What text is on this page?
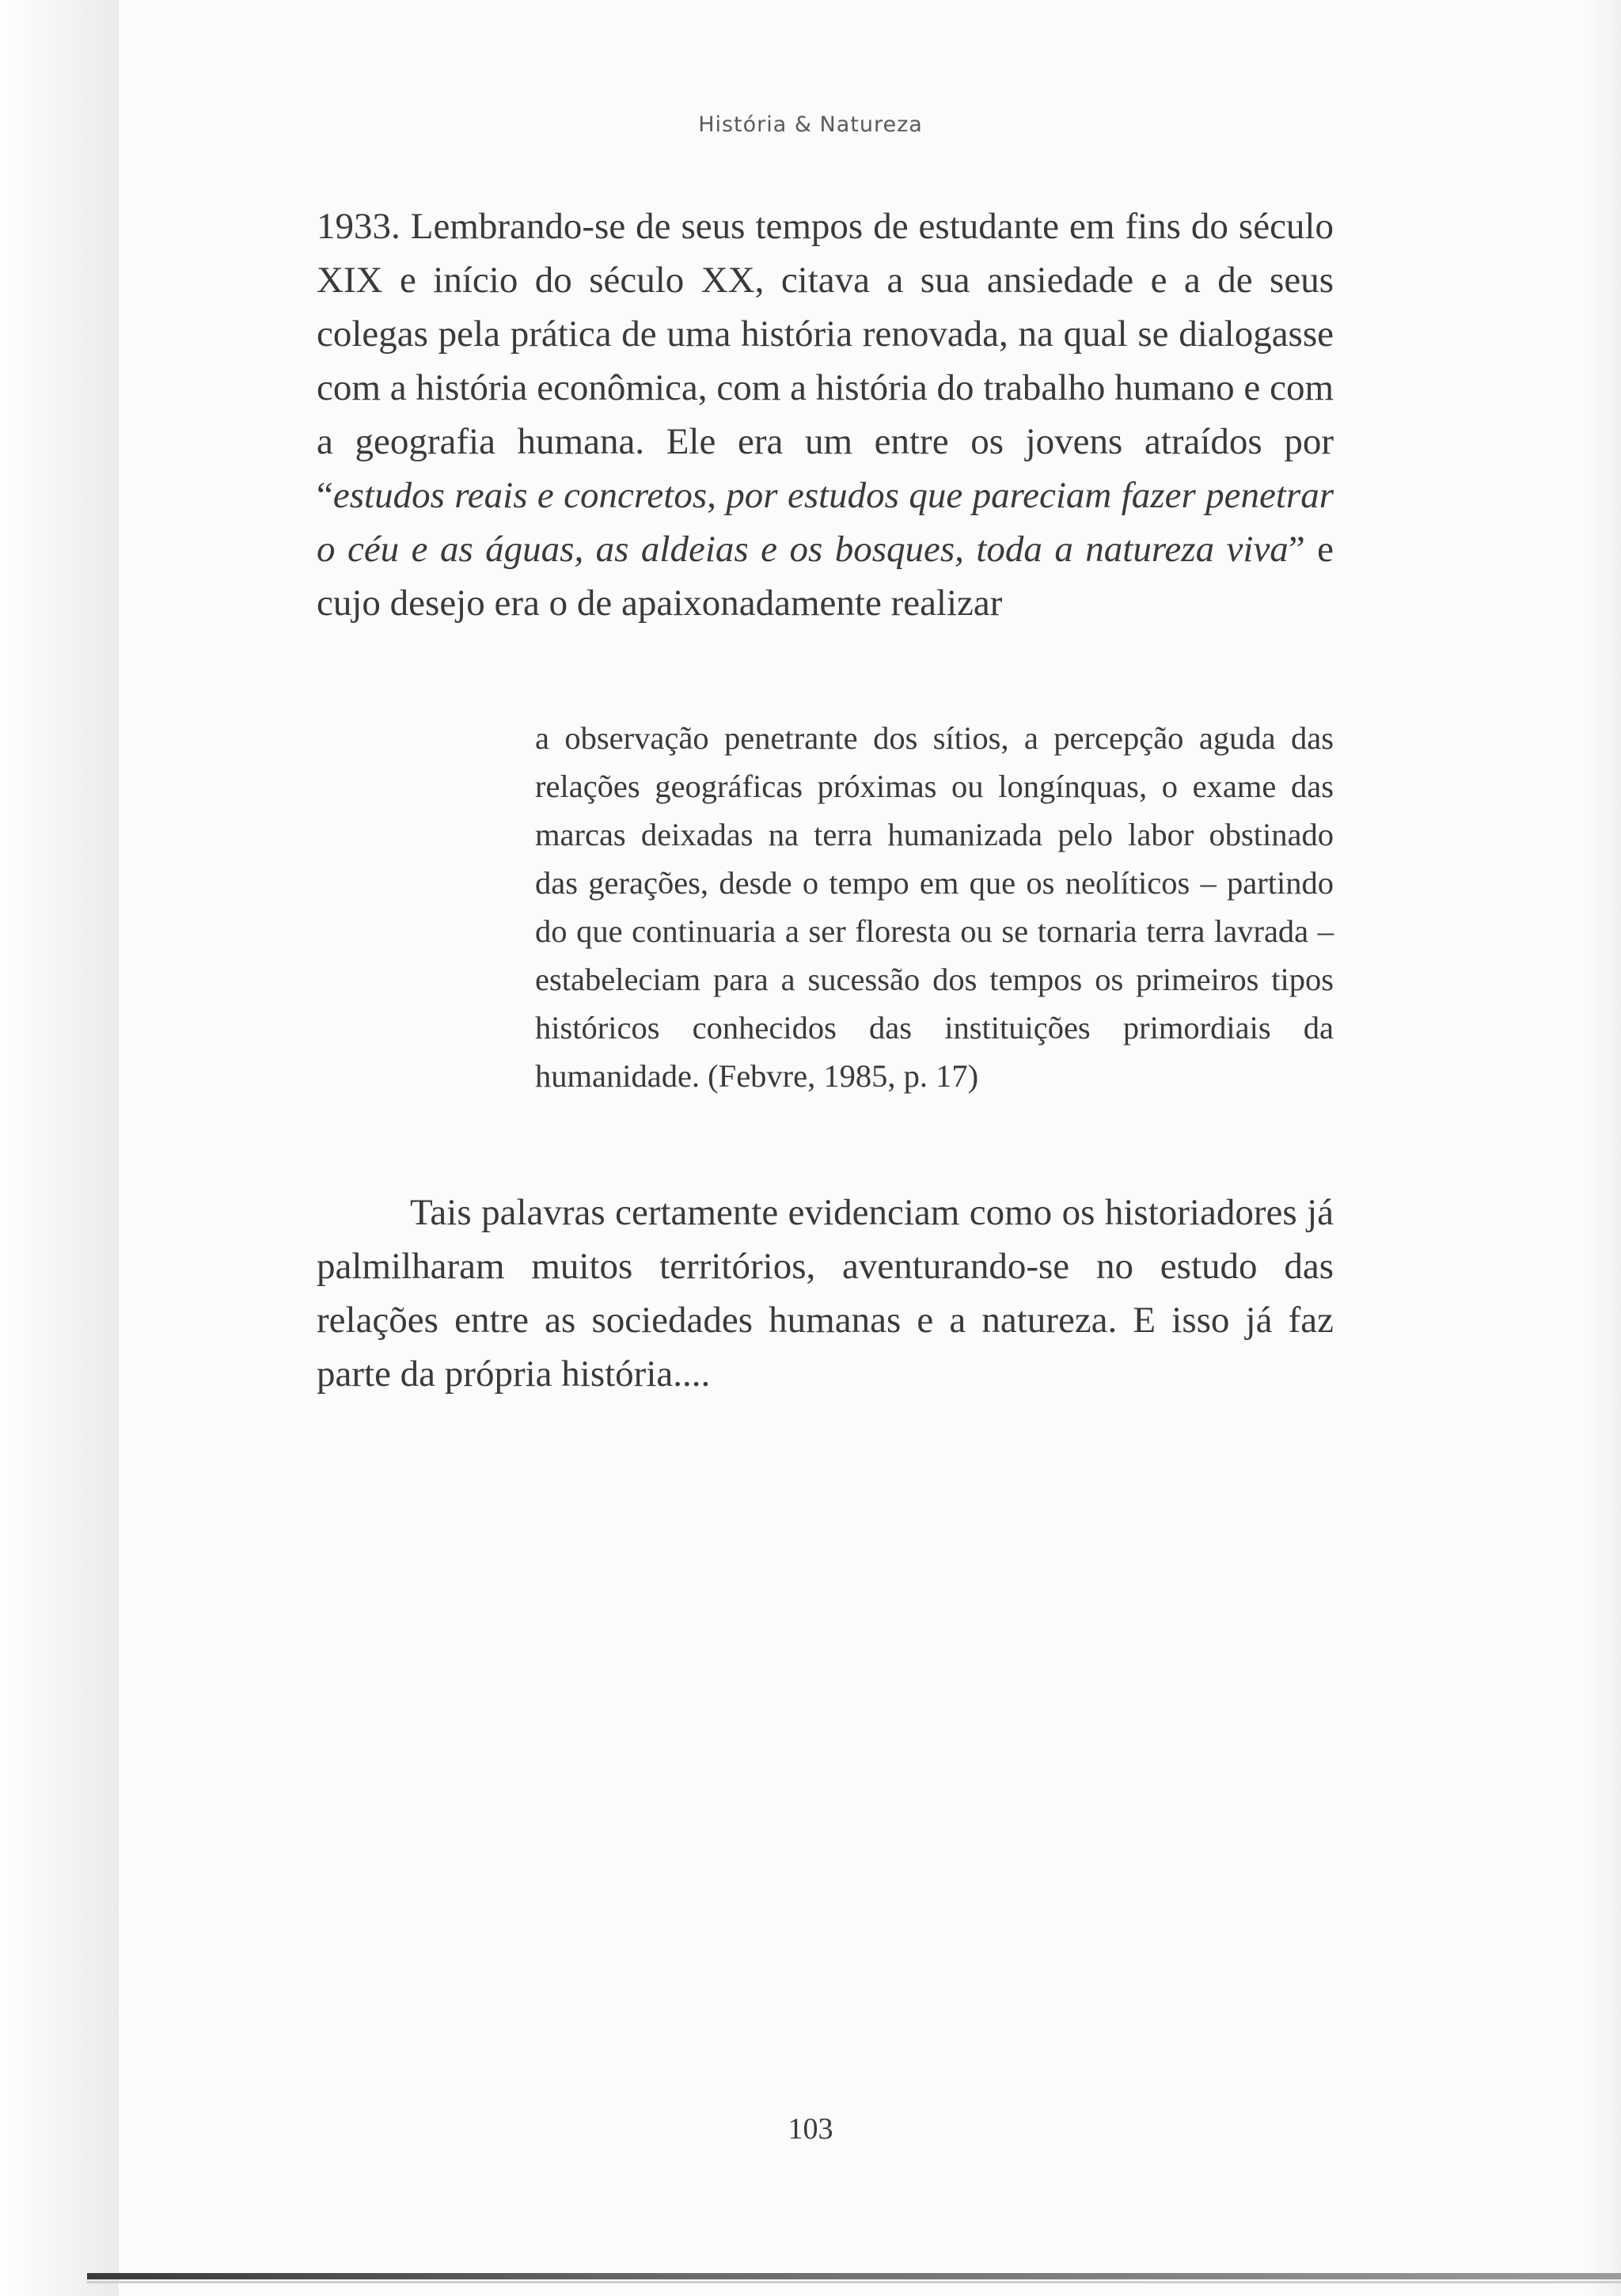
História & Natureza

1933. Lembrando-se de seus tempos de estudante em fins do século XIX e início do século XX, citava a sua ansiedade e a de seus colegas pela prática de uma história renovada, na qual se dialogasse com a história econômica, com a história do trabalho humano e com a geografia humana. Ele era um entre os jovens atraídos por “estudos reais e concretos, por estudos que pareciam fazer penetrar o céu e as águas, as aldeias e os bosques, toda a natureza viva” e cujo desejo era o de apaixonadamente realizar

a observação penetrante dos sítios, a percepção aguda das relações geográficas próximas ou longínquas, o exame das marcas deixadas na terra humanizada pelo labor obstinado das gerações, desde o tempo em que os neolíticos – partindo do que continuaria a ser floresta ou se tornaria terra lavrada – estabeleciam para a sucessão dos tempos os primeiros tipos históricos conhecidos das instituições primordiais da humanidade. (Febvre, 1985, p. 17)

Tais palavras certamente evidenciam como os historiadores já palmilharam muitos territórios, aventurando-se no estudo das relações entre as sociedades humanas e a natureza. E isso já faz parte da própria história....

103
